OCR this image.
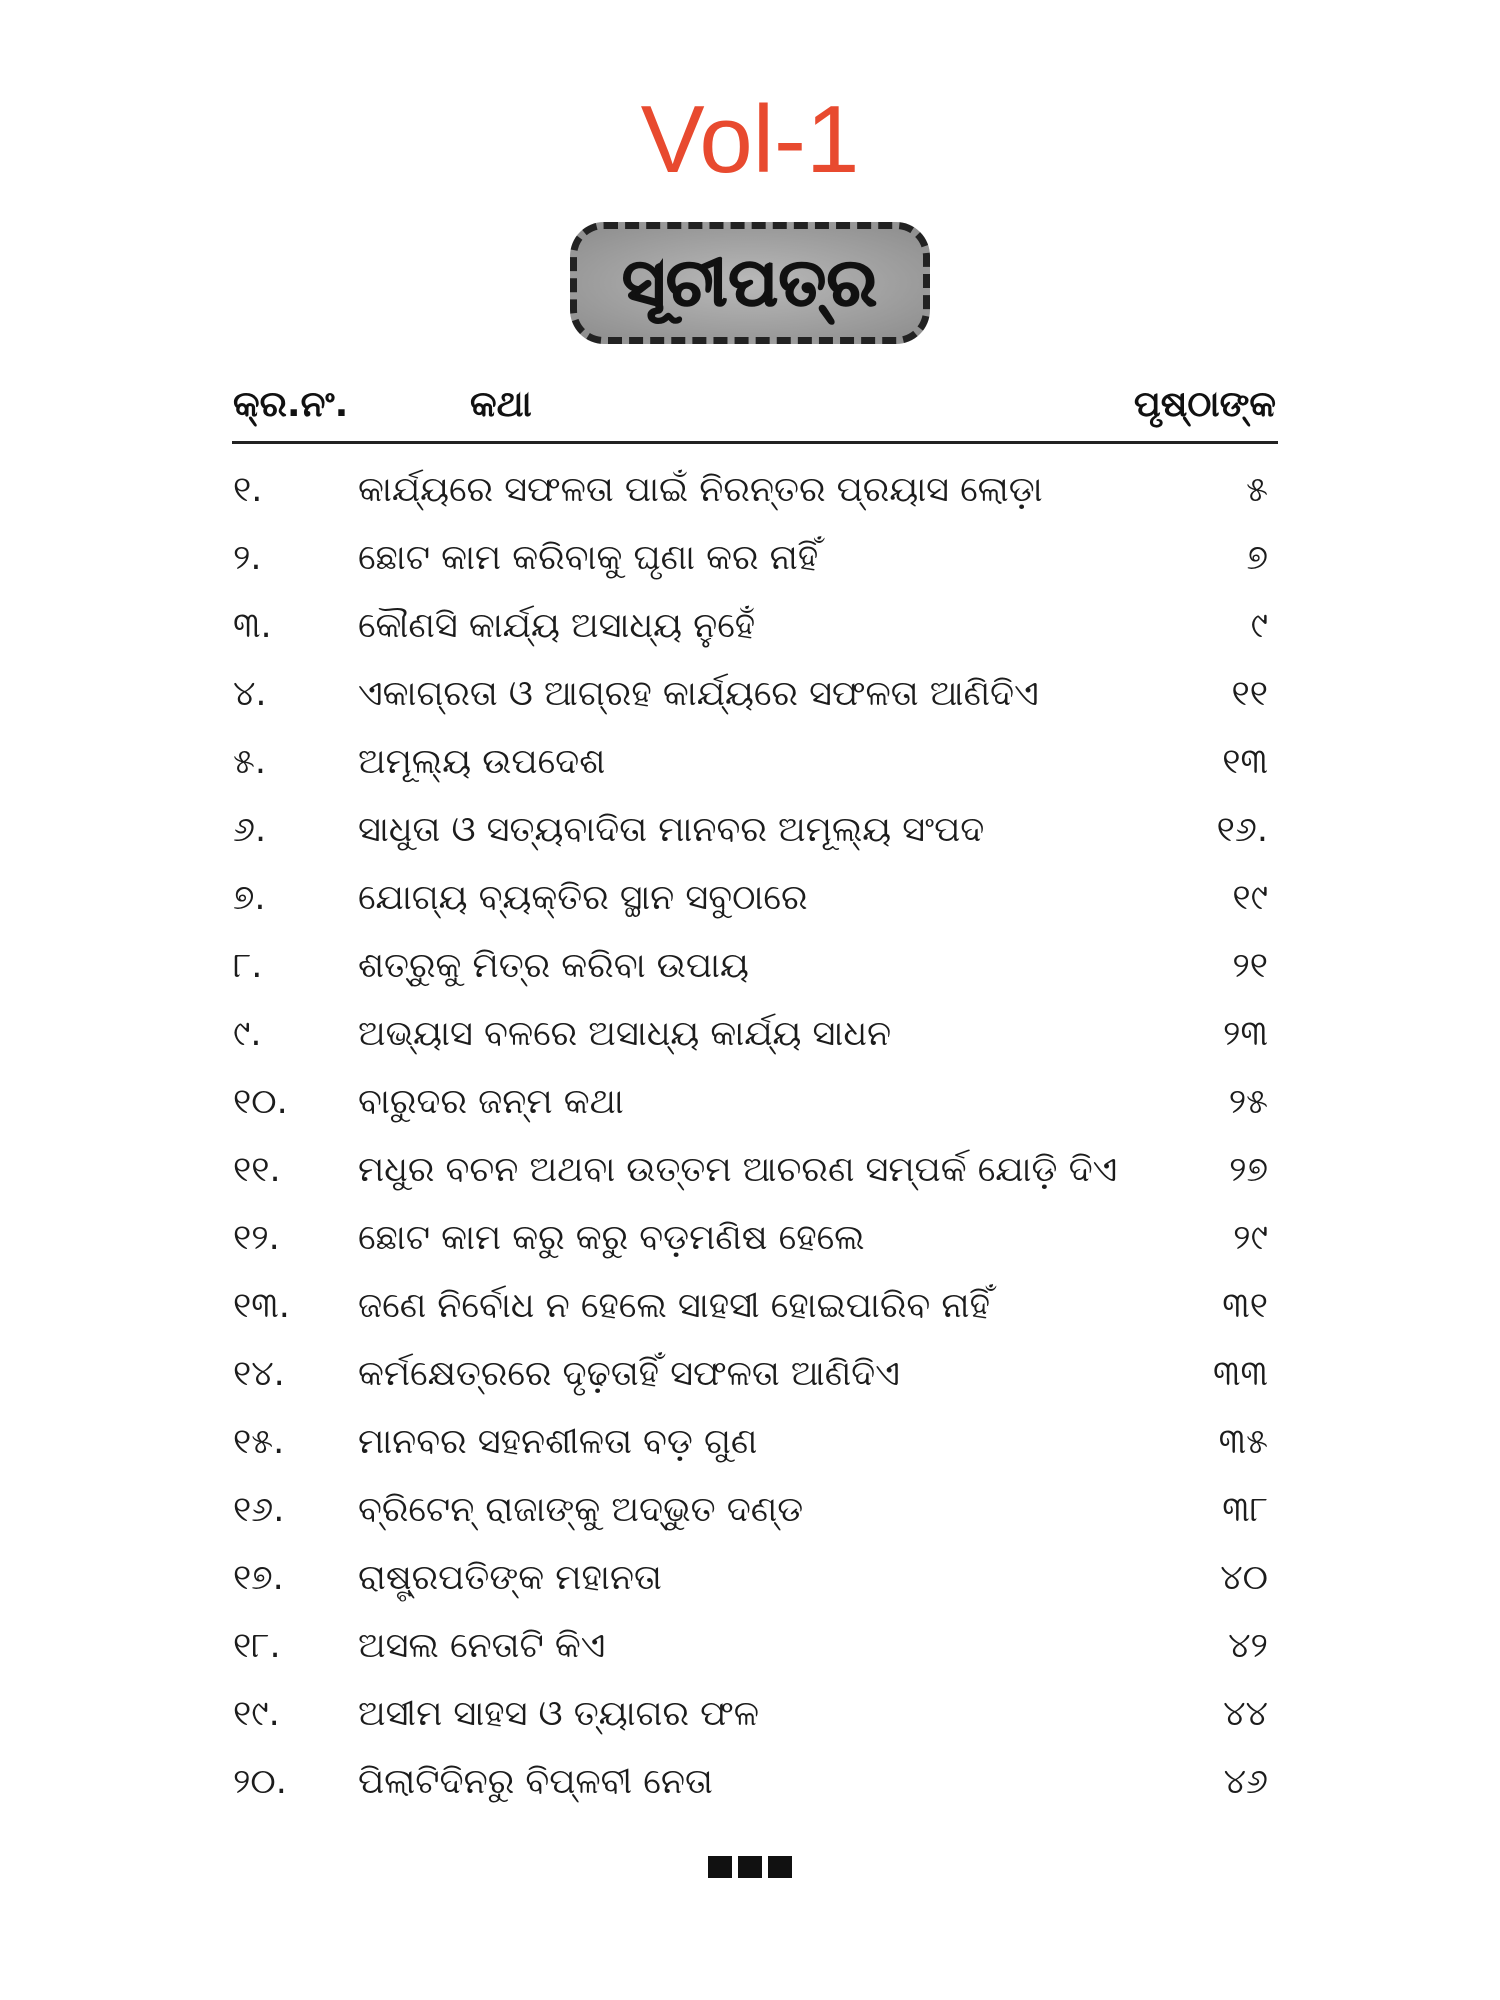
Vol-1
ସୂଚୀପତ୍ର
କ୍ର.ନଂ.	କଥା	ପୃଷ୍ଠାଙ୍କ
୧.	କାର୍ଯ୍ୟରେ ସଫଳତା ପାଇଁ ନିରନ୍ତର ପ୍ରୟାସ ଲୋଡ଼ା	୫
୨.	ଛୋଟ କାମ କରିବାକୁ ଘୃଣା କର ନାହିଁ	୭
୩. କୌଣସି କାର୍ଯ୍ୟ ଅସାଧ୍ୟ ନୁହେଁ	୯
୪.	ଏକାଗ୍ରତା ଓ ଆଗ୍ରହ କାର୍ଯ୍ୟରେ ସଫଳତା ଆଣିଦିଏ	୧୧
୫.	ଅମୂଲ୍ୟ ଉପଦେଶ	୧୩
୬.	ସାଧୁତା ଓ ସତ୍ୟବାଦିତା ମାନବର ଅମୂଲ୍ୟ ସଂପଦ	୧୬.
୭.	ଯୋଗ୍ୟ ବ୍ୟକ୍ତିର ସ୍ଥାନ ସବୁଠାରେ	୧୯
୮.	ଶତ୍ରୁକୁ ମିତ୍ର କରିବା ଉପାୟ	୨୧
୯.	ଅଭ୍ୟାସ ବଳରେ ଅସାଧ୍ୟ କାର୍ଯ୍ୟ ସାଧନ	୨୩
୧୦. ବାରୁଦର ଜନ୍ମ କଥା	୨୫
୧୧. ମଧୁର ବଚନ ଅଥବା ଉତ୍ତମ ଆଚରଣ ସମ୍ପର୍କ ଯୋଡ଼ି ଦିଏ	୨୭
୧୨. ଛୋଟ କାମ କରୁ କରୁ ବଡ଼ମଣିଷ ହେଲେ	୨୯
୧୩. ଜଣେ ନିର୍ବୋଧ ନ ହେଲେ ସାହସୀ ହୋଇପାରିବ ନାହିଁ	୩୧
୧୪. କର୍ମକ୍ଷେତ୍ରରେ ଦୃଢ଼ତାହିଁ ସଫଳତା ଆଣିଦିଏ	୩୩
୧୫. ମାନବର ସହନଶୀଳତା ବଡ଼ ଗୁଣ	୩୫
୧୬. ବ୍ରିଟେନ୍ ରାଜାଙ୍କୁ ଅଦ୍ଭୁତ ଦଣ୍ଡ	୩୮
୧୭. ରାଷ୍ଟ୍ରପତିଙ୍କ ମହାନତା	୪୦
୧୮. ଅସଲ ନେତାଟି କିଏ	୪୨
୧୯. ଅସୀମ ସାହସ ଓ ତ୍ୟାଗର ଫଳ	୪୪
୨୦. ପିଲାଟିଦିନରୁ ବିପ୍ଳବୀ ନେତା	୪୬
